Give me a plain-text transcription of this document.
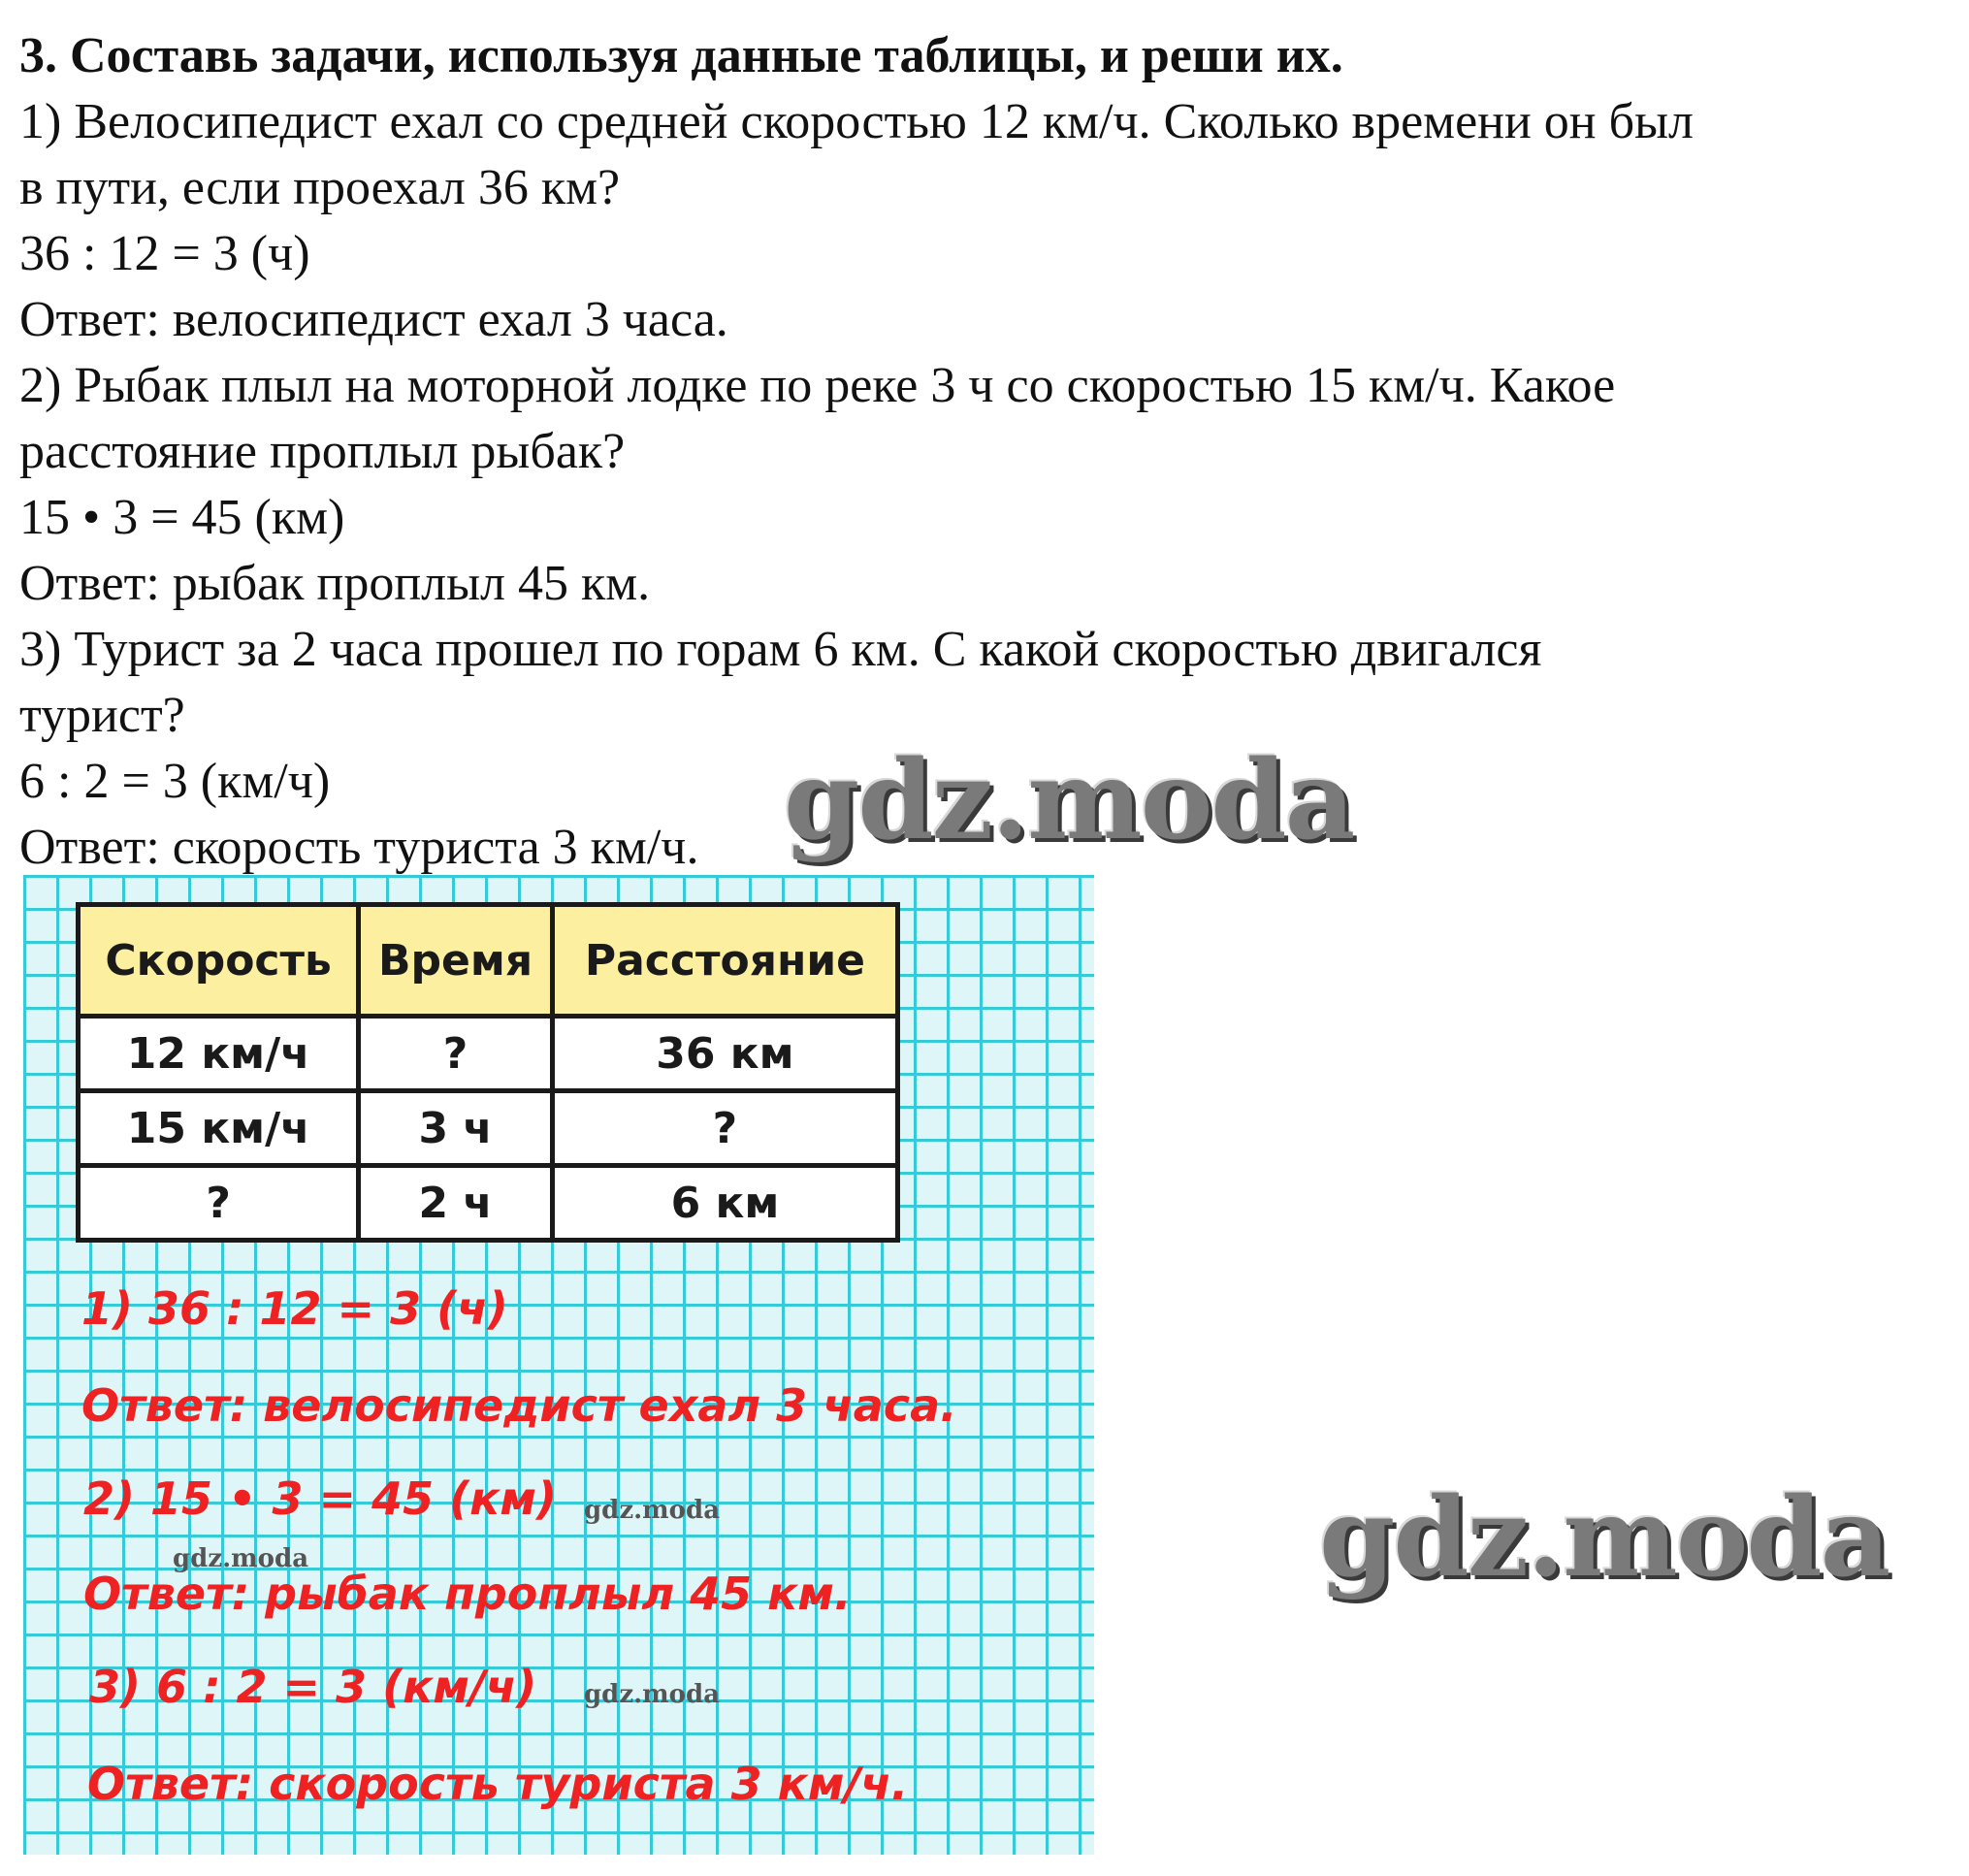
3. Составь задачи, используя данные таблицы, и реши их.
1) Велосипедист ехал со средней скоростью 12 км/ч. Сколько времени он был
в пути, если проехал 36 км?
36 : 12 = 3 (ч)
Ответ: велосипедист ехал 3 часа.
2) Рыбак плыл на моторной лодке по реке 3 ч со скоростью 15 км/ч. Какое
расстояние проплыл рыбак?
15 • 3 = 45 (км)
Ответ: рыбак проплыл 45 км.
3) Турист за 2 часа прошел по горам 6 км. С какой скоростью двигался
турист?
6 : 2 = 3 (км/ч)
Ответ: скорость туриста 3 км/ч.
Скорость	Время	Расстояние
12 км/ч	?	36 км
15 км/ч	3 ч	?
?	2 ч	6 км
1) 36 : 12 = 3 (ч)
Ответ: велосипедист ехал 3 часа.
2) 15 • 3 = 45 (км)
Ответ: рыбак проплыл 45 км.
3) 6 : 2 = 3 (км/ч)
Ответ: скорость туриста 3 км/ч.
gdz.moda
gdz.moda
gdz.moda
gdz.moda
gdz.moda
